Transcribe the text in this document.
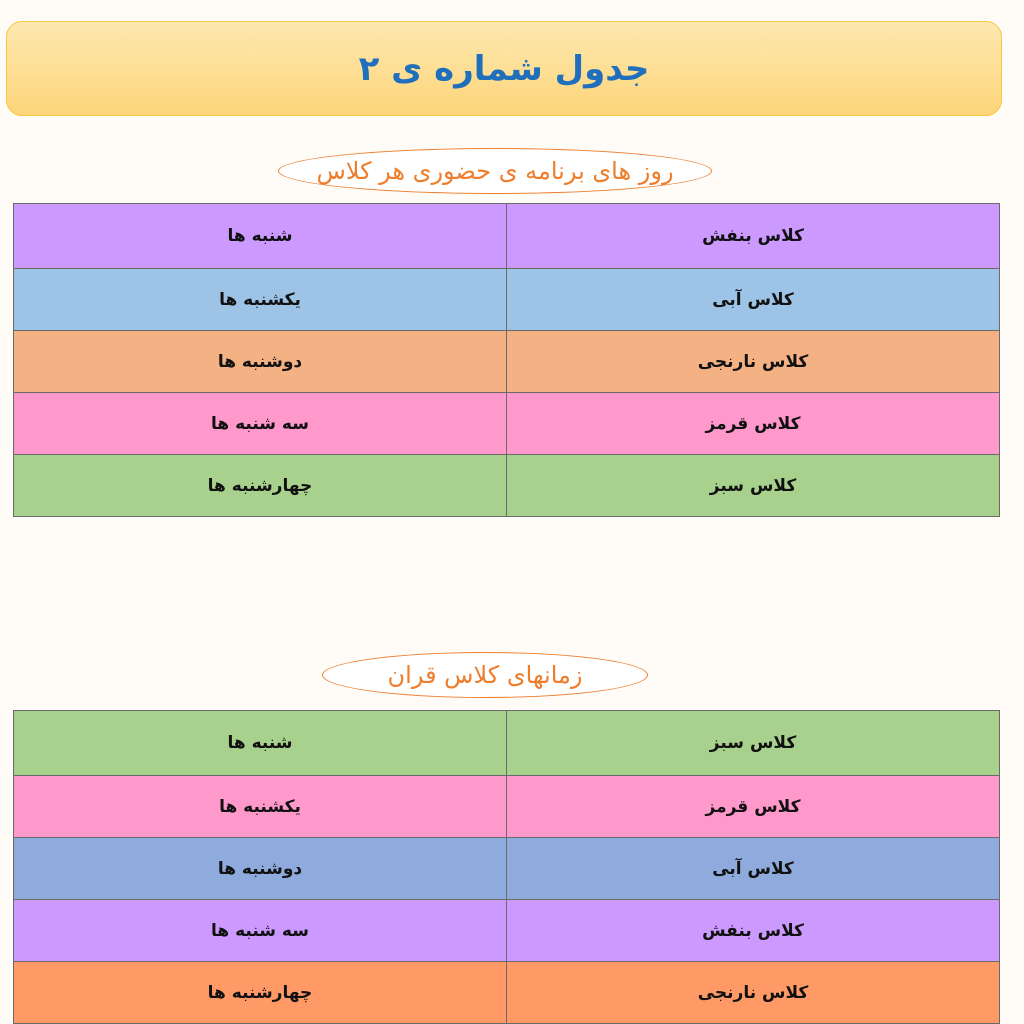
جدول شماره ی ۲
روز های برنامه ی حضوری هر کلاس
شنبه ها	کلاس بنفش
یکشنبه ها	کلاس آبی
دوشنبه ها	کلاس نارنجی
سه شنبه ها	کلاس قرمز
چهارشنبه ها	کلاس سبز
زمانهای کلاس قران
شنبه ها	کلاس سبز
یکشنبه ها	کلاس قرمز
دوشنبه ها	کلاس آبی
سه شنبه ها	کلاس بنفش
چهارشنبه ها	کلاس نارنجی
